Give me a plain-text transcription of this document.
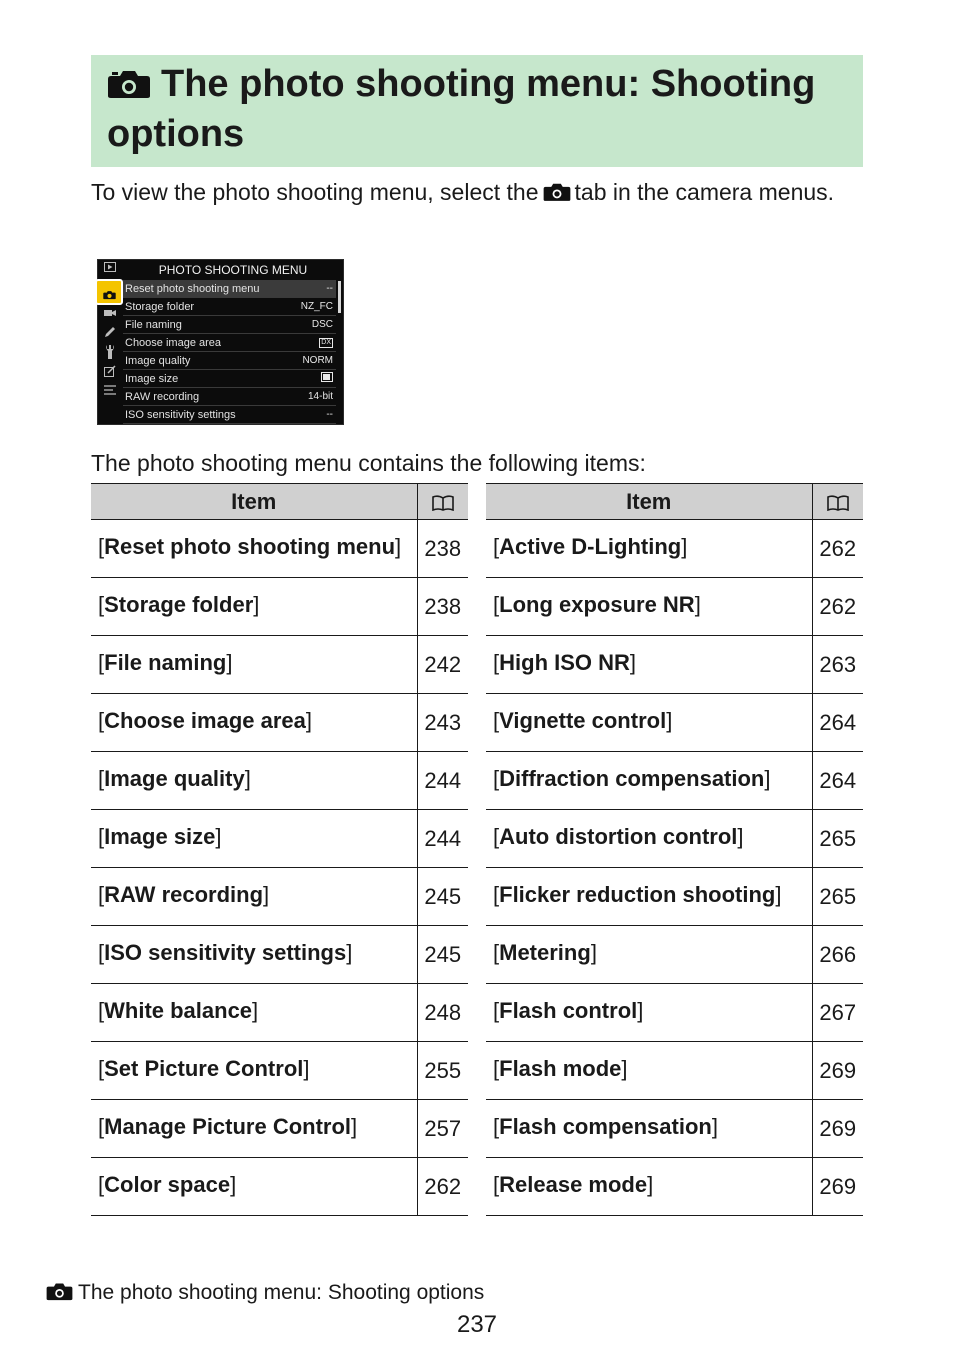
The photo shooting menu: Shooting options
To view the photo shooting menu, select the tab in the camera menus.
PHOTO SHOOTING MENU
Reset photo shooting menu	--
Storage folder	NZ_FC
File naming	DSC
Choose image area	DX
Image quality	NORM
Image size
RAW recording	14-bit
ISO sensitivity settings	--
The photo shooting menu contains the following items:
Item	
[Reset photo shooting menu]	238
[Storage folder]	238
[File naming]	242
[Choose image area]	243
[Image quality]	244
[Image size]	244
[RAW recording]	245
[ISO sensitivity settings]	245
[White balance]	248
[Set Picture Control]	255
[Manage Picture Control]	257
[Color space]	262
Item	
[Active D-Lighting]	262
[Long exposure NR]	262
[High ISO NR]	263
[Vignette control]	264
[Diffraction compensation]	264
[Auto distortion control]	265
[Flicker reduction shooting]	265
[Metering]	266
[Flash control]	267
[Flash mode]	269
[Flash compensation]	269
[Release mode]	269
The photo shooting menu: Shooting options
237
